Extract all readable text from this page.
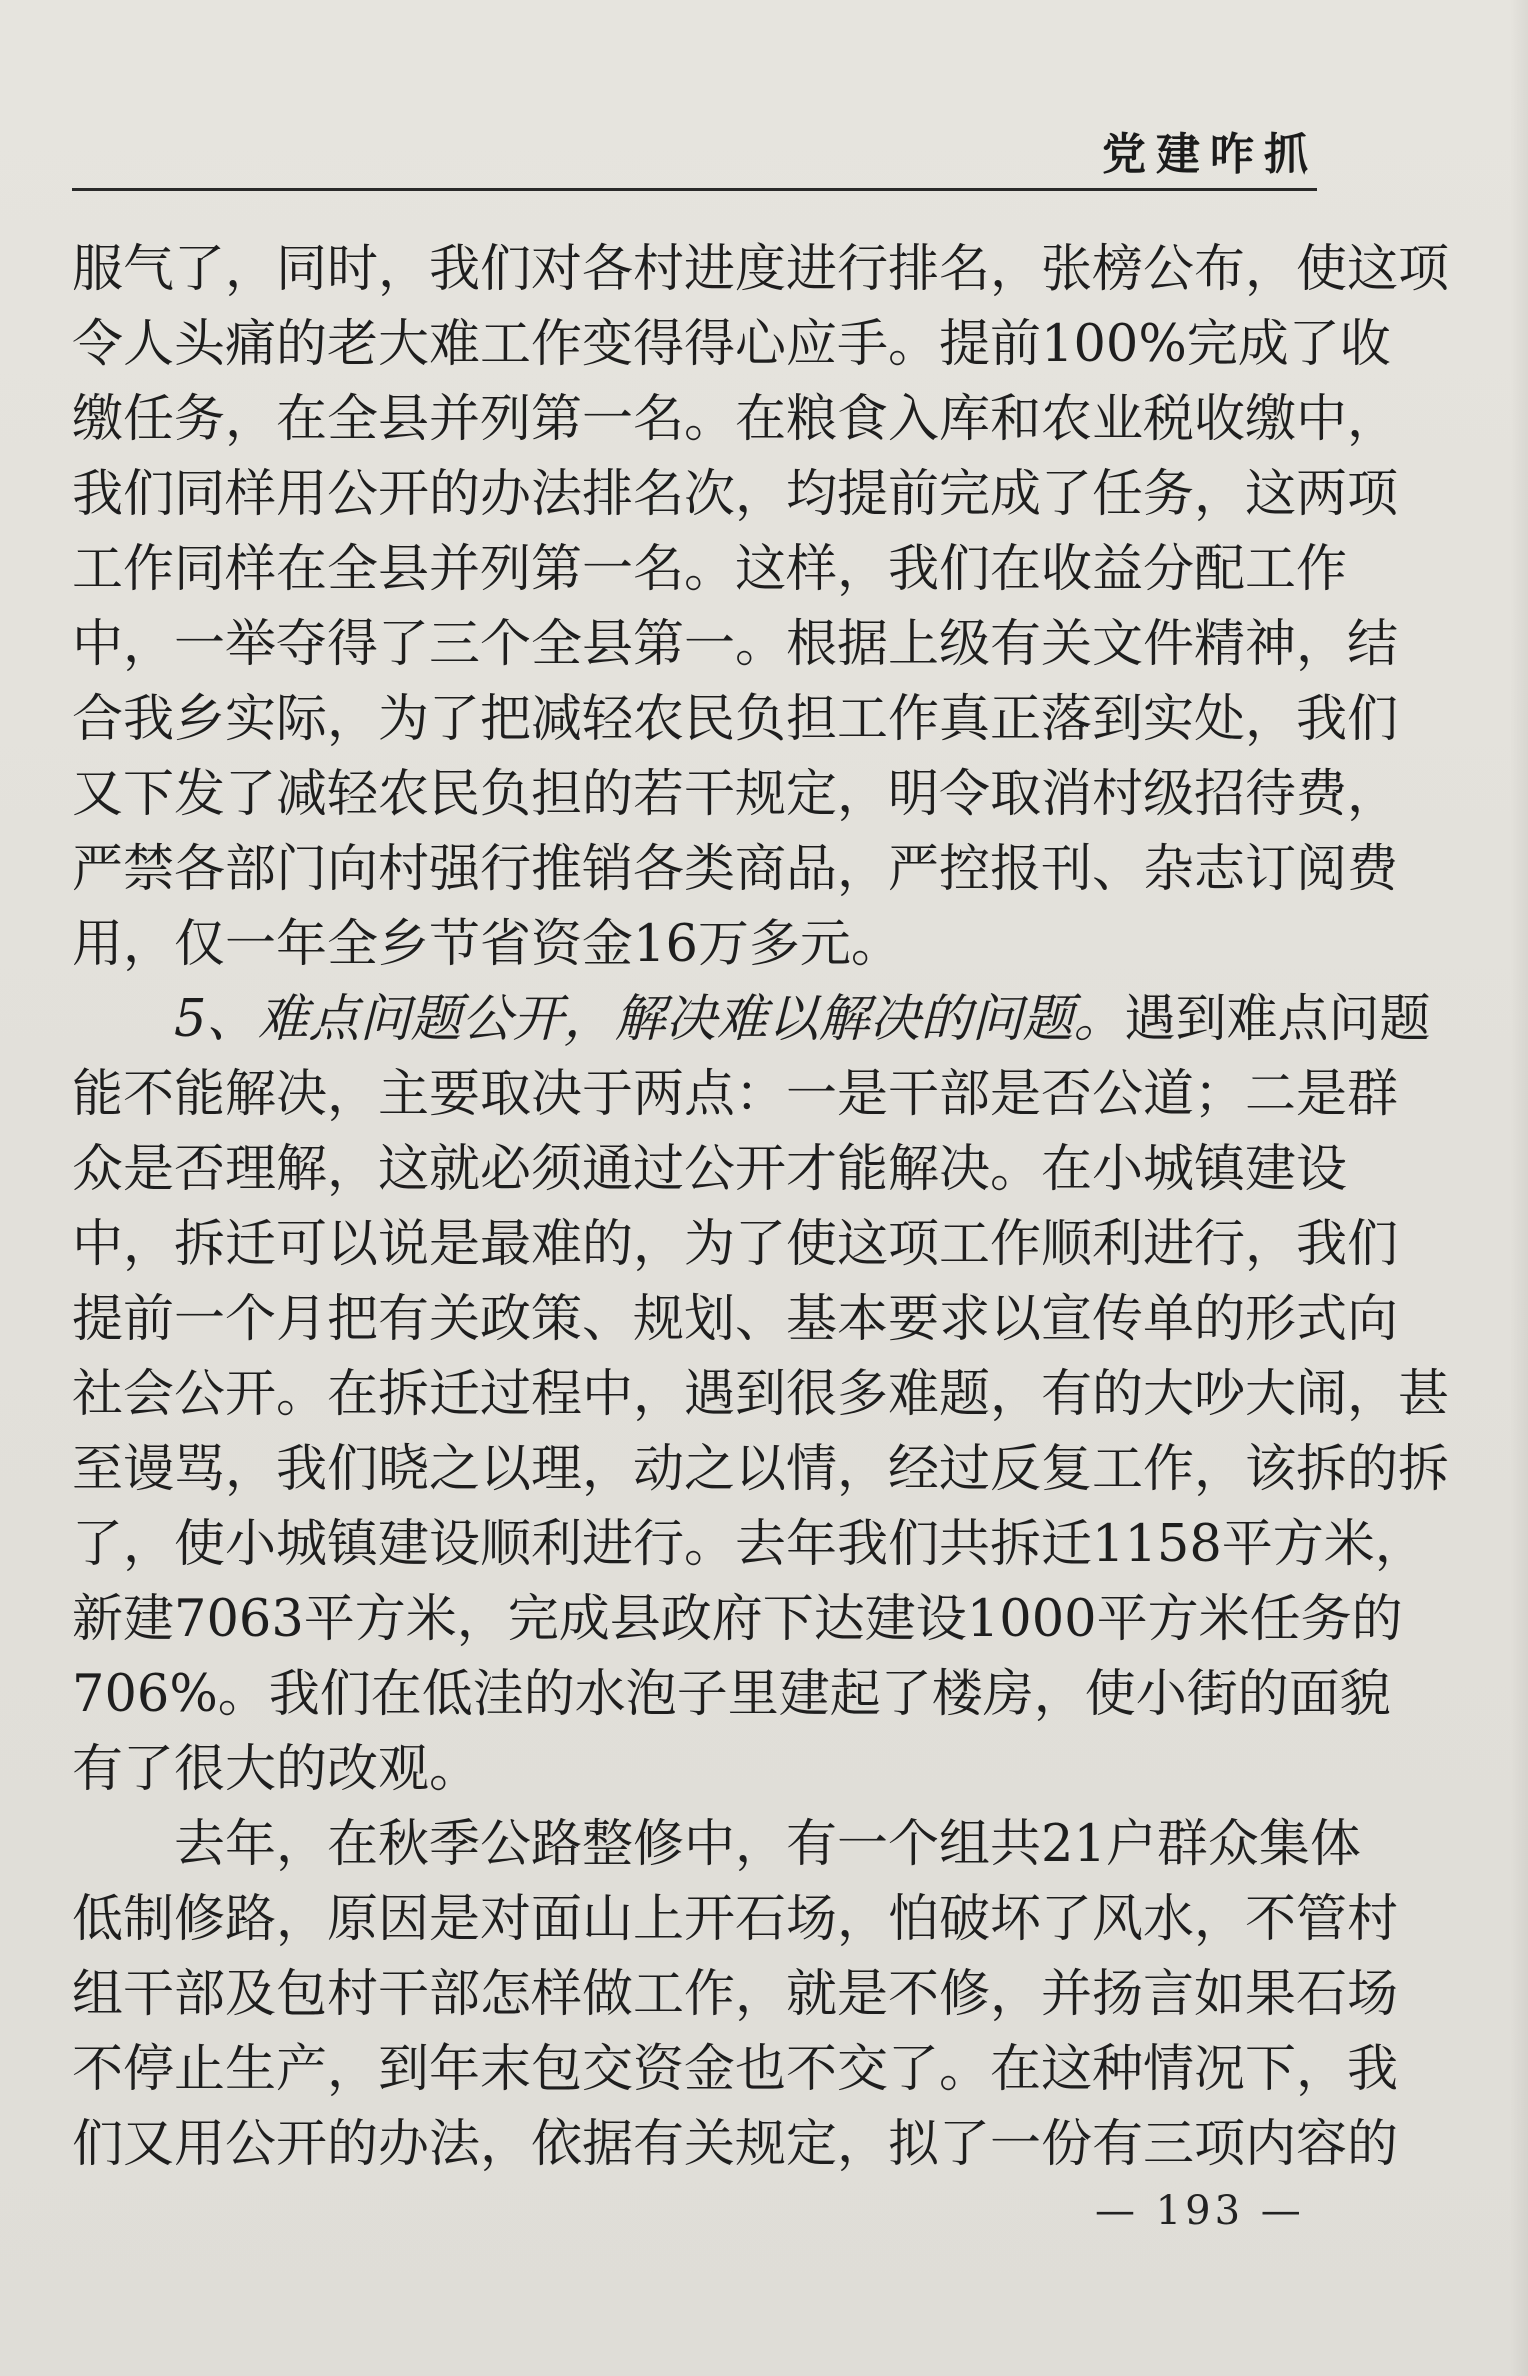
党建咋抓
服气了，同时，我们对各村进度进行排名，张榜公布，使这项
令人头痛的老大难工作变得得心应手。提前100%完成了收
缴任务，在全县并列第一名。在粮食入库和农业税收缴中，
我们同样用公开的办法排名次，均提前完成了任务，这两项
工作同样在全县并列第一名。这样，我们在收益分配工作
中，一举夺得了三个全县第一。根据上级有关文件精神，结
合我乡实际，为了把减轻农民负担工作真正落到实处，我们
又下发了减轻农民负担的若干规定，明令取消村级招待费，
严禁各部门向村强行推销各类商品，严控报刊、杂志订阅费
用，仅一年全乡节省资金16万多元。
5、难点问题公开，解决难以解决的问题。遇到难点问题
能不能解决，主要取决于两点：一是干部是否公道；二是群
众是否理解，这就必须通过公开才能解决。在小城镇建设
中，拆迁可以说是最难的，为了使这项工作顺利进行，我们
提前一个月把有关政策、规划、基本要求以宣传单的形式向
社会公开。在拆迁过程中，遇到很多难题，有的大吵大闹，甚
至谩骂，我们晓之以理，动之以情，经过反复工作，该拆的拆
了，使小城镇建设顺利进行。去年我们共拆迁1158平方米，
新建7063平方米，完成县政府下达建设1000平方米任务的
706%。我们在低洼的水泡子里建起了楼房，使小街的面貌
有了很大的改观。
去年，在秋季公路整修中，有一个组共21户群众集体
低制修路，原因是对面山上开石场，怕破坏了风水，不管村
组干部及包村干部怎样做工作，就是不修，并扬言如果石场
不停止生产，到年末包交资金也不交了。在这种情况下，我
们又用公开的办法，依据有关规定，拟了一份有三项内容的
— 193 —
